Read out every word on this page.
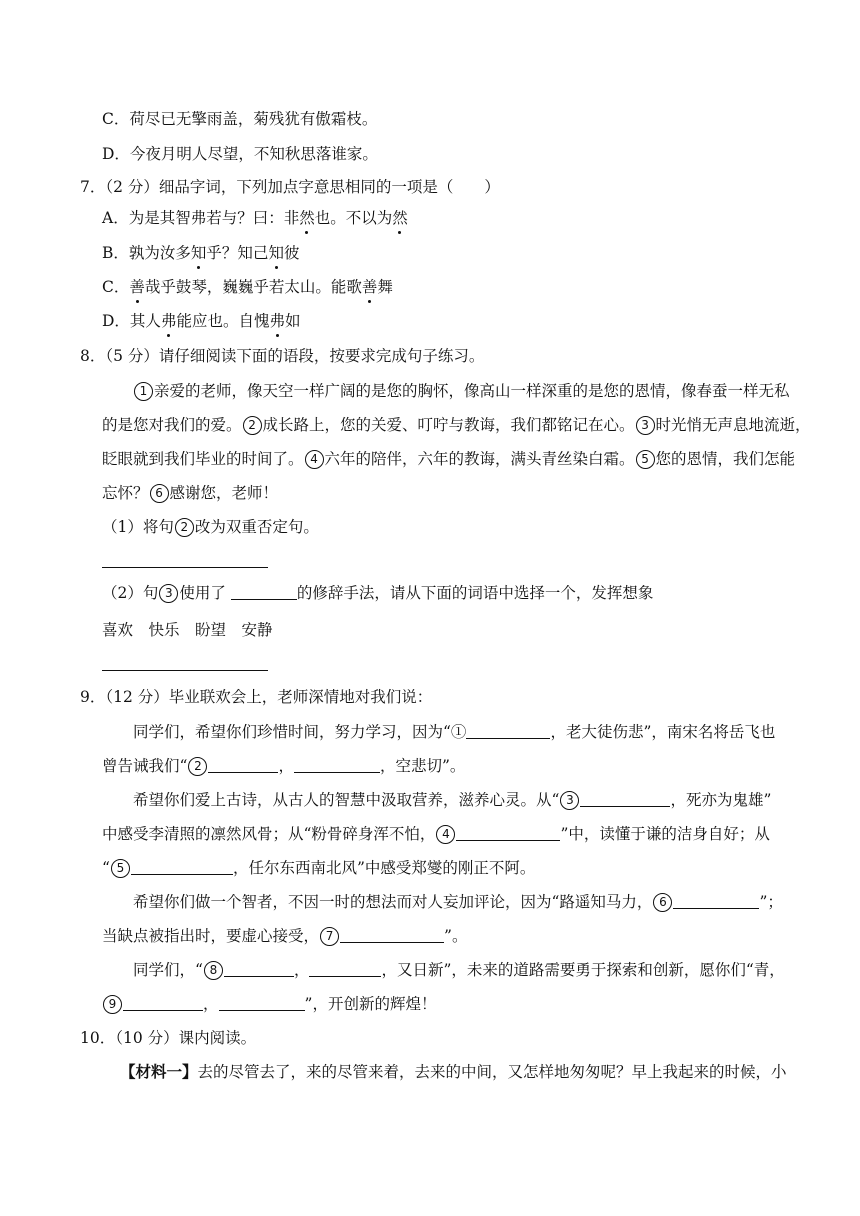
C．荷尽已无擎雨盖，菊残犹有傲霜枝。
D．今夜月明人尽望，不知秋思落谁家。
7．（2 分）细品字词，下列加点字意思相同的一项是（　　）
A．为是其智弗若与？曰：非然也。不以为然
B．孰为汝多知乎？知己知彼
C．善哉乎鼓琴，巍巍乎若太山。能歌善舞
D．其人弗能应也。自愧弗如
8．（5 分）请仔细阅读下面的语段，按要求完成句子练习。
1 亲爱的老师，像天空一样广阔的是您的胸怀，像高山一样深重的是您的恩情，像春蚕一样无私
的是您对我们的爱。 2 成长路上，您的关爱、叮咛与教诲，我们都铭记在心。 3 时光悄无声息地流逝，
眨眼就到我们毕业的时间了。 4 六年的陪伴，六年的教诲，满头青丝染白霜。 5 您的恩情，我们怎能
忘怀？ 6 感谢您，老师！
（1）将句 2 改为双重否定句。
（2）句 3 使用了	的修辞手法，请从下面的词语中选择一个，发挥想象
喜欢　快乐　盼望　安静
9．（12 分）毕业联欢会上，老师深情地对我们说：
同学们，希望你们珍惜时间，努力学习，因为“①	，老大徒伤悲”，南宋名将岳飞也
曾告诫我们“ 2	，	，空悲切”。
希望你们爱上古诗，从古人的智慧中汲取营养，滋养心灵。从“ 3	，死亦为鬼雄”
中感受李清照的凛然风骨；从“粉骨碎身浑不怕， 4	”中，读懂于谦的洁身自好；从
“ 5	，任尔东西南北风”中感受郑燮的刚正不阿。
希望你们做一个智者，不因一时的想法而对人妄加评论，因为“路遥知马力， 6	”；
当缺点被指出时，要虚心接受， 7	”。
同学们，“ 8	，	，又日新”，未来的道路需要勇于探索和创新，愿你们“青，
9	，	”，开创新的辉煌！
10．（10 分）课内阅读。
【材料一】去的尽管去了，来的尽管来着，去来的中间，又怎样地匆匆呢？早上我起来的时候，小
